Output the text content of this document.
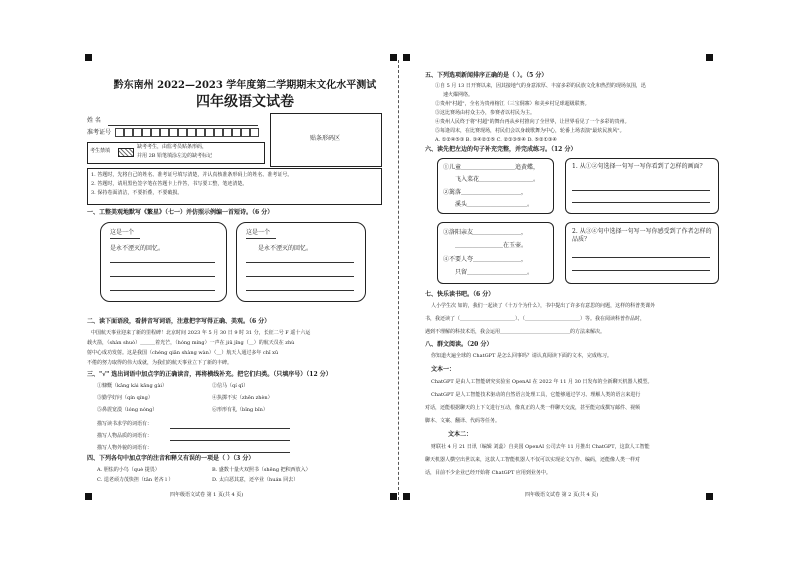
黔东南州 2022—2023 学年度第二学期期末文化水平测试
四年级语文试卷
姓 名
准考证号
考生禁填
缺考考生，由监考员贴条形码，
并用 2B 铅笔填涂左边的缺考标记
贴条形码区
1. 答题时，先将自己的姓名、准考证号填写清楚，并认真核准条形码上的姓名、准考证号。
2. 答题时，请用黑色签字笔在答题卡上作答，书写要工整，笔迹清楚。
3. 保持卷面清洁，不要折叠，不要破损。
一、工整美观地默写《繁星》（七一）并仿照示例编一首短诗。（6 分）
这是一个
是永不湮灭的回忆。
这是一个
是永不湮灭的回忆。
二、读下面语段，看拼音写词语，注意把字写得正确、美观。（6 分）
中国航天事业迎来了新的里程碑！北京时间 2023 年 5 月 30 日 9 时 31 分，长征二号 F 遥十六运
载火箭，（shàn shuò）＿＿＿着光芒，（hóng míng）一声在 jiǔ jǐng（＿）的航天员在 zhù
射中心成功发射。这是我国（chéng qiān shàng wàn）（＿）航天人通过多年 chī xǔ
不倦的努力取得的伟大成就，为我们的航天事业立下了新的丰碑。
三、"√" 选出词语中加点字的正确读音，再将横线补充。把它们归类。（只填序号）（12 分）
①慷慨（kǎng kài kāng gài）	②信马（qí qī）
③勤学好问（qín qíng）	④执掷不实（zhēn zhèn）
⑤鼻震宽漠（lóng nóng）	⑥形形有礼（bǐng bǐn）
描写读书求学的词语有：
描写人物品质的词语有：
描写人物外貌的词语有：
四、下列各句中加点字的注音和释义有误的一项是（ ）（3 分）
A. 胆怯的小鸟（què 提畏）	B. 盛数十量火双照书（shēng 把积西放入）
C. 逞老顽力茂快担（tān 老吝 l ）	D. 太白恶其意，还卒业（huán 回去）
四年级语文试卷 第 1 页(共 4 页)
五、下列选项新闻排序正确的是（ ）。（5 分）
①自 5 月 13 日开赛以来，因其接地气的身意浓厚、丰富多彩的民族文化和热烈的现场氛围，迅
速火爆网络。
②贵州"村超"，全名为贵州榕江（三宝侗寨）和美乡村足球超级联赛。
③这比赛场由村众主办，参赛者以村民为主。
④贵州人民终于将"村超"的舞台再从乡村推向了全世界，让世界看见了一个多彩的贵州。
⑤每逢周末，在比赛现场，村民们会以身载歌舞为中心，轮番上场表演"最炫民族风"。
A. ①②④⑤③ B. ③④②①⑤ C. ②①③⑤④ D. ⑤②①③④
六、读先把左边的句子补充完整，并完成练习。（12 分）
①儿童＿＿＿＿＿＿＿＿＿追黄蝶，
飞入菜花＿＿＿＿＿＿＿＿＿。
②篱落＿＿＿＿＿＿＿＿＿＿，
溪头＿＿＿＿＿＿＿＿＿＿。
1. 从①②句选择一句写一写你看到了怎样的画面？
③洛阳亲友＿＿＿＿＿＿＿＿，
＿＿＿＿＿＿＿＿在玉壶。
④不要人夸＿＿＿＿＿＿＿＿，
只留＿＿＿＿＿＿＿＿＿＿。
2. 从③④句中选择一句写一写你感受到了作者怎样的品质？
七、快乐读书吧。（6 分）
人小学生次 如的，我们一起读了《十万个为什么》，书中提出了许多有意思的问题，这样的科普类课外
书，我还读了（＿＿＿＿＿＿＿＿＿＿＿）、（＿＿＿＿＿＿＿＿＿＿＿）等。我在阅读科普作品时，
遇到不理解的科技术语，我会运用＿＿＿＿＿＿＿＿＿＿＿＿＿＿的方法来解决。
八、群文阅读。（20 分）
你知道火遍全球的 ChatGPT 是怎么回事吗？请认真阅读下面的文本，完成练习。
文本一：
ChatGPT 是由人工智能研究实验室 OpenAI 在 2022 年 11 月 30 日发布的全新聊天机器人模型。
ChatGPT 是人工智能技术驱动的自然语言处理工具，它能够通过学习、理解人类的语言来进行
对话，还能根据聊天的上下文进行互动，像真正的人类一样聊天交流，甚至能完成撰写邮件、视频
脚本、文案、翻译、代码等任务。
文本二：
财联社 4 月 21 日讯（编辑 刘蕊）自美国 OpenAI 公司去年 11 月推出 ChatGPT，这款人工智能
聊天机器人横空出世以来，这款人工智能机器人不仅可以实现论文写作、编码，还能像人类一样对
话，目前不少企业已经开始将 ChatGPT 应用到业务中。
四年级语文试卷 第 2 页(共 4 页)
